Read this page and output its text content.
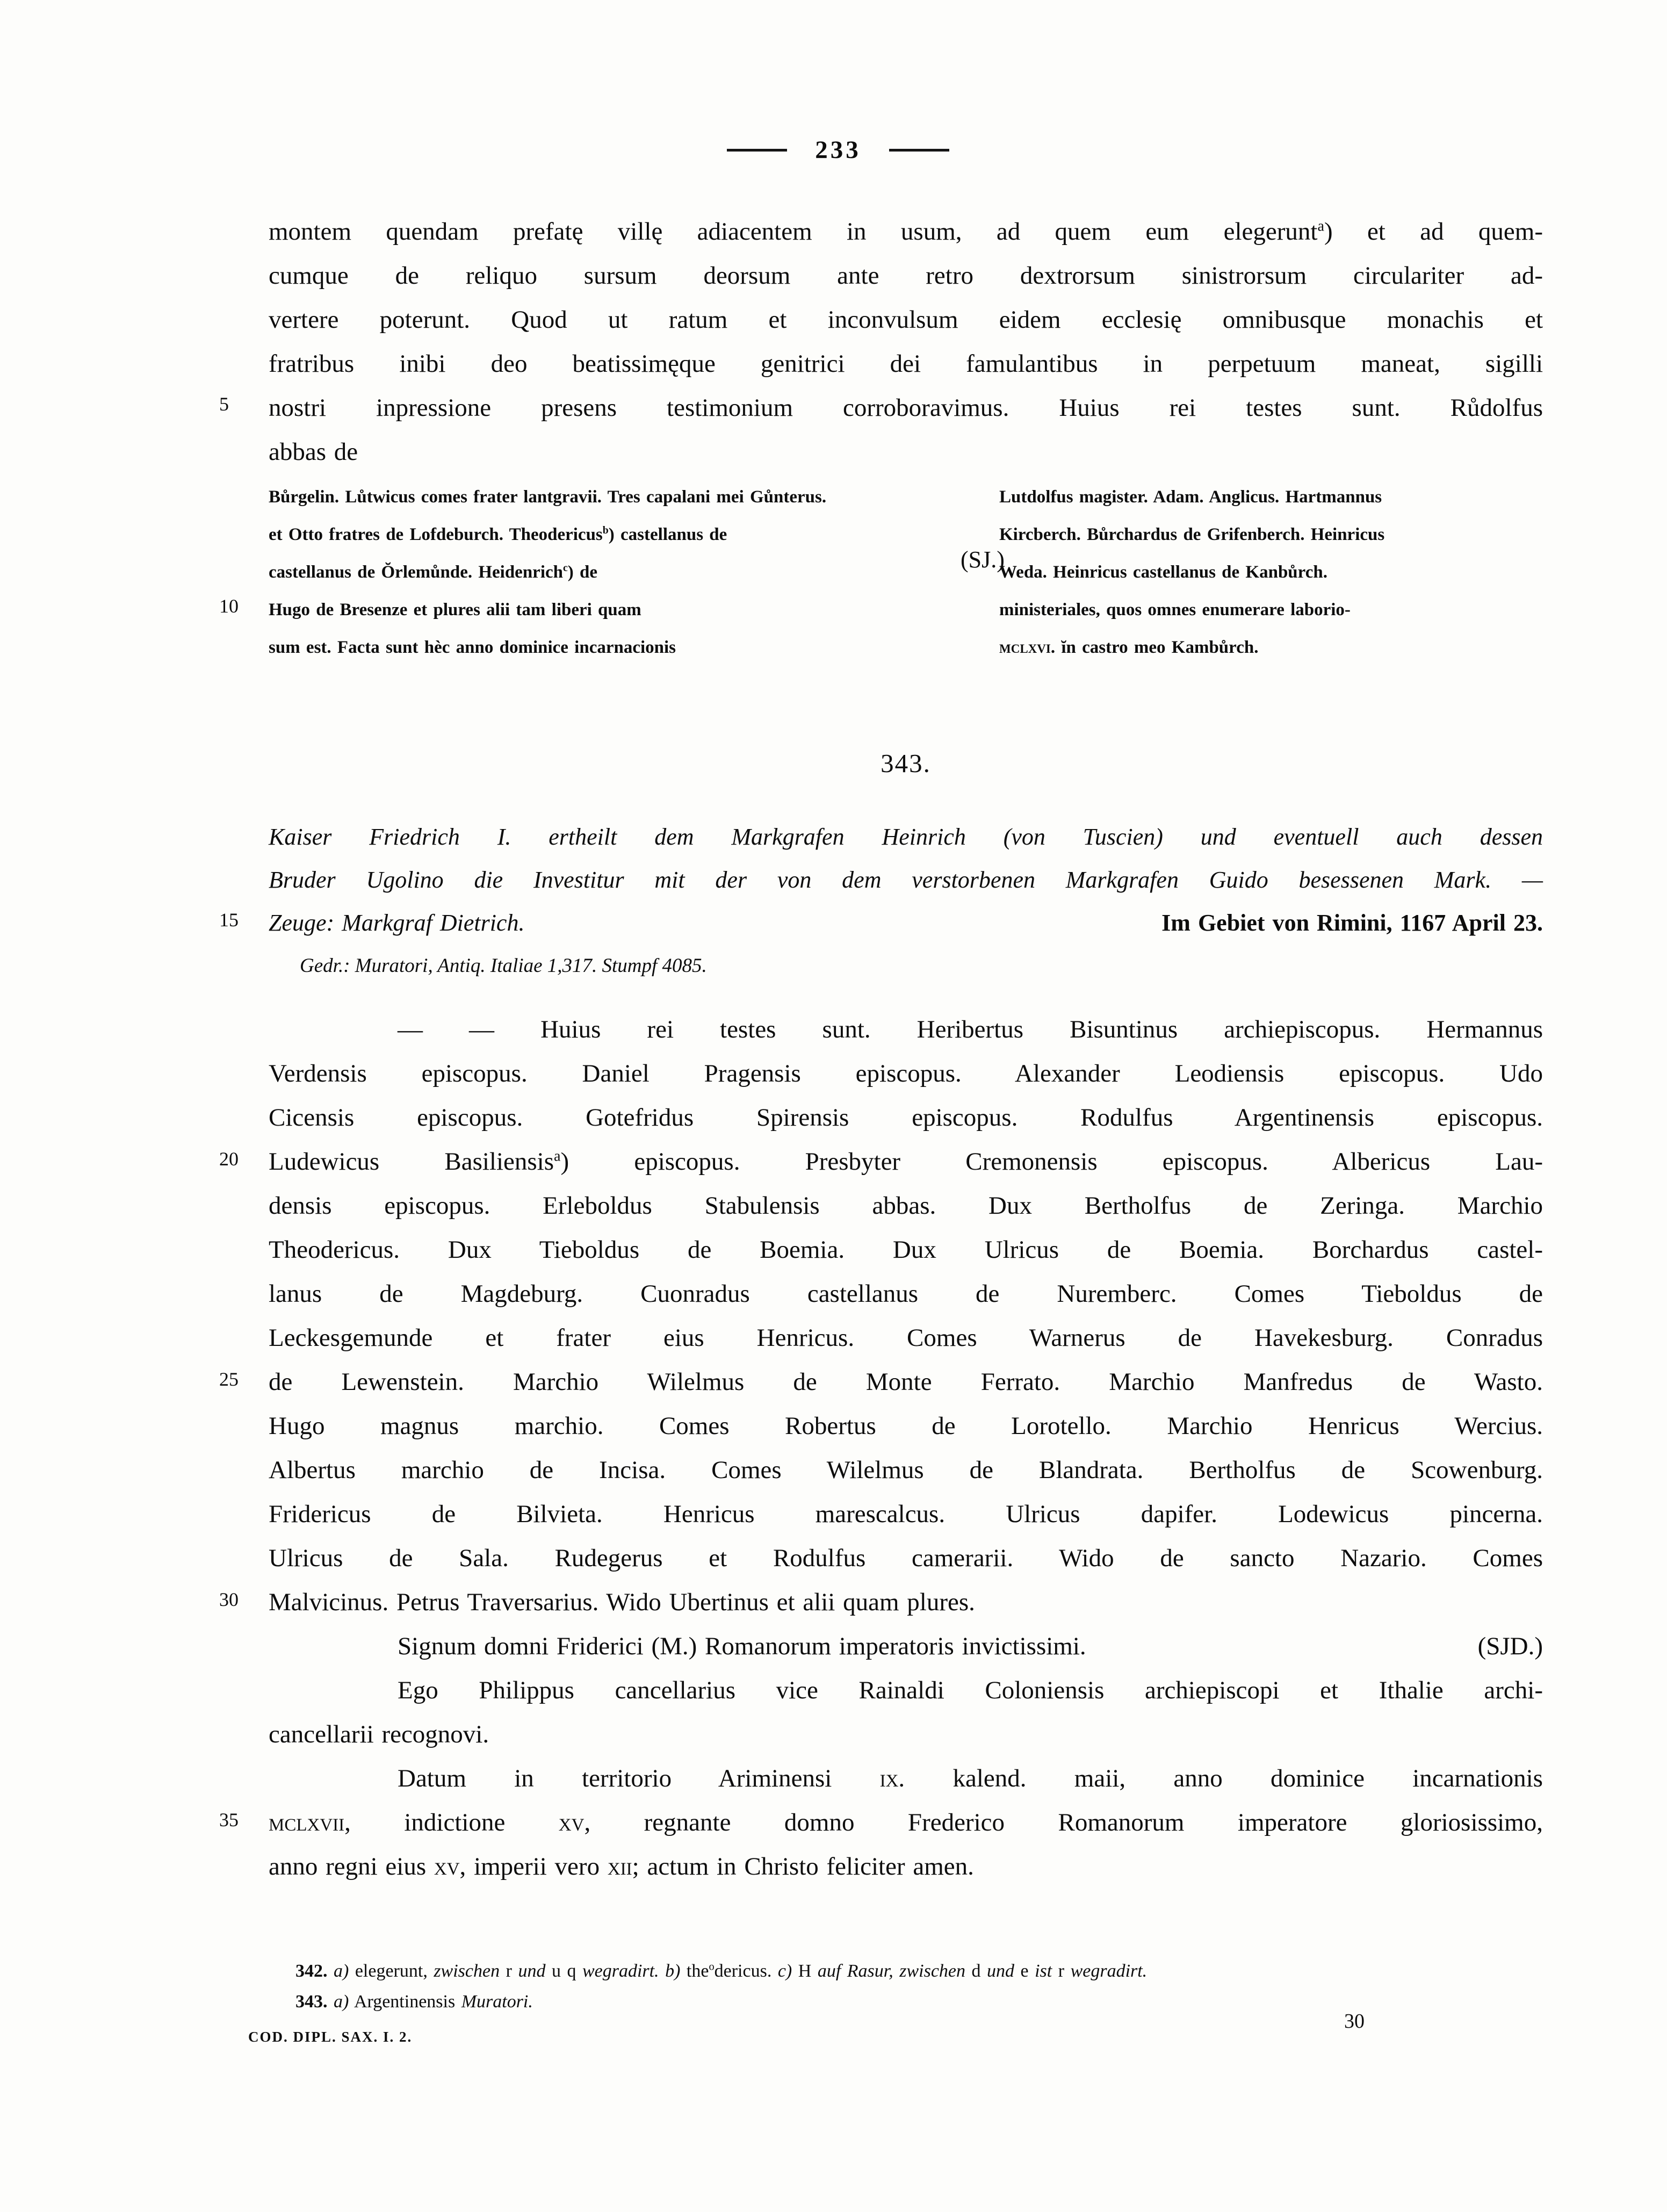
233
5
10
15
20
25
30
35
montem quendam prefatę villę adiacentem in usum, ad quem eum elegerunt$^a$) et ad quem-
cumque de reliquo sursum deorsum ante retro dextrorsum sinistrorsum circulariter ad-
vertere poterunt. Quod ut ratum et inconvulsum eidem ecclesię omnibusque monachis et
fratribus inibi deo beatissimęque genitrici dei famulantibus in perpetuum maneat, sigilli
nostri inpressione presens testimonium corroboravimus. Huius rei testes sunt. Růdolfus
abbas de
Bůrgelin. Lůtwicus comes frater lantgravii. Tres capalani mei Gůnterus.
et Otto fratres de Lofdeburch. Theodericus$^b$) castellanus de
castellanus de Ŏrlemůnde. Heidenrich$^c$) de
Hugo de Bresenze et plures alii tam liberi quam
sum est. Facta sunt hèc anno dominice incarnacionis
(SJ.)
Lutdolfus magister. Adam. Anglicus. Hartmannus
Kircberch. Bůrchardus de Grifenberch. Heinricus
Weda. Heinricus castellanus de Kanbůrch.
ministeriales, quos omnes enumerare laborio-
mclxvi. ĭn castro meo Kambůrch.
343.
Kaiser Friedrich I. ertheilt dem Markgrafen Heinrich (von Tuscien) und eventuell auch dessen
Bruder Ugolino die Investitur mit der von dem verstorbenen Markgrafen Guido besessenen Mark. —
Zeuge: Markgraf Dietrich.	Im Gebiet von Rimini, 1167 April 23.
Gedr.: Muratori, Antiq. Italiae 1,317. Stumpf 4085.
— — Huius rei testes sunt. Heribertus Bisuntinus archiepiscopus. Hermannus
Verdensis episcopus. Daniel Pragensis episcopus. Alexander Leodiensis episcopus. Udo
Cicensis episcopus. Gotefridus Spirensis episcopus. Rodulfus Argentinensis episcopus.
Ludewicus Basiliensis$^a$) episcopus. Presbyter Cremonensis episcopus. Albericus Lau-
densis episcopus. Erleboldus Stabulensis abbas. Dux Bertholfus de Zeringa. Marchio
Theodericus. Dux Tieboldus de Boemia. Dux Ulricus de Boemia. Borchardus castel-
lanus de Magdeburg. Cuonradus castellanus de Nuremberc. Comes Tieboldus de
Leckesgemunde et frater eius Henricus. Comes Warnerus de Havekesburg. Conradus
de Lewenstein. Marchio Wilelmus de Monte Ferrato. Marchio Manfredus de Wasto.
Hugo magnus marchio. Comes Robertus de Lorotello. Marchio Henricus Wercius.
Albertus marchio de Incisa. Comes Wilelmus de Blandrata. Bertholfus de Scowenburg.
Fridericus de Bilvieta. Henricus marescalcus. Ulricus dapifer. Lodewicus pincerna.
Ulricus de Sala. Rudegerus et Rodulfus camerarii. Wido de sancto Nazario. Comes
Malvicinus. Petrus Traversarius. Wido Ubertinus et alii quam plures.
Signum domni Friderici (M.) Romanorum imperatoris invictissimi.	(SJD.)
Ego Philippus cancellarius vice Rainaldi Coloniensis archiepiscopi et Ithalie archi-
cancellarii recognovi.
Datum in territorio Ariminensi ix. kalend. maii, anno dominice incarnationis
mclxvii, indictione xv, regnante domno Frederico Romanorum imperatore gloriosissimo,
anno regni eius xv, imperii vero xii; actum in Christo feliciter amen.
342. a) elegerunt, zwischen r und u q wegradirt. b) the$^o$dericus. c) H auf Rasur, zwischen d und e ist r wegradirt.
343. a) Argentinensis Muratori.
COD. DIPL. SAX. I. 2.
30
